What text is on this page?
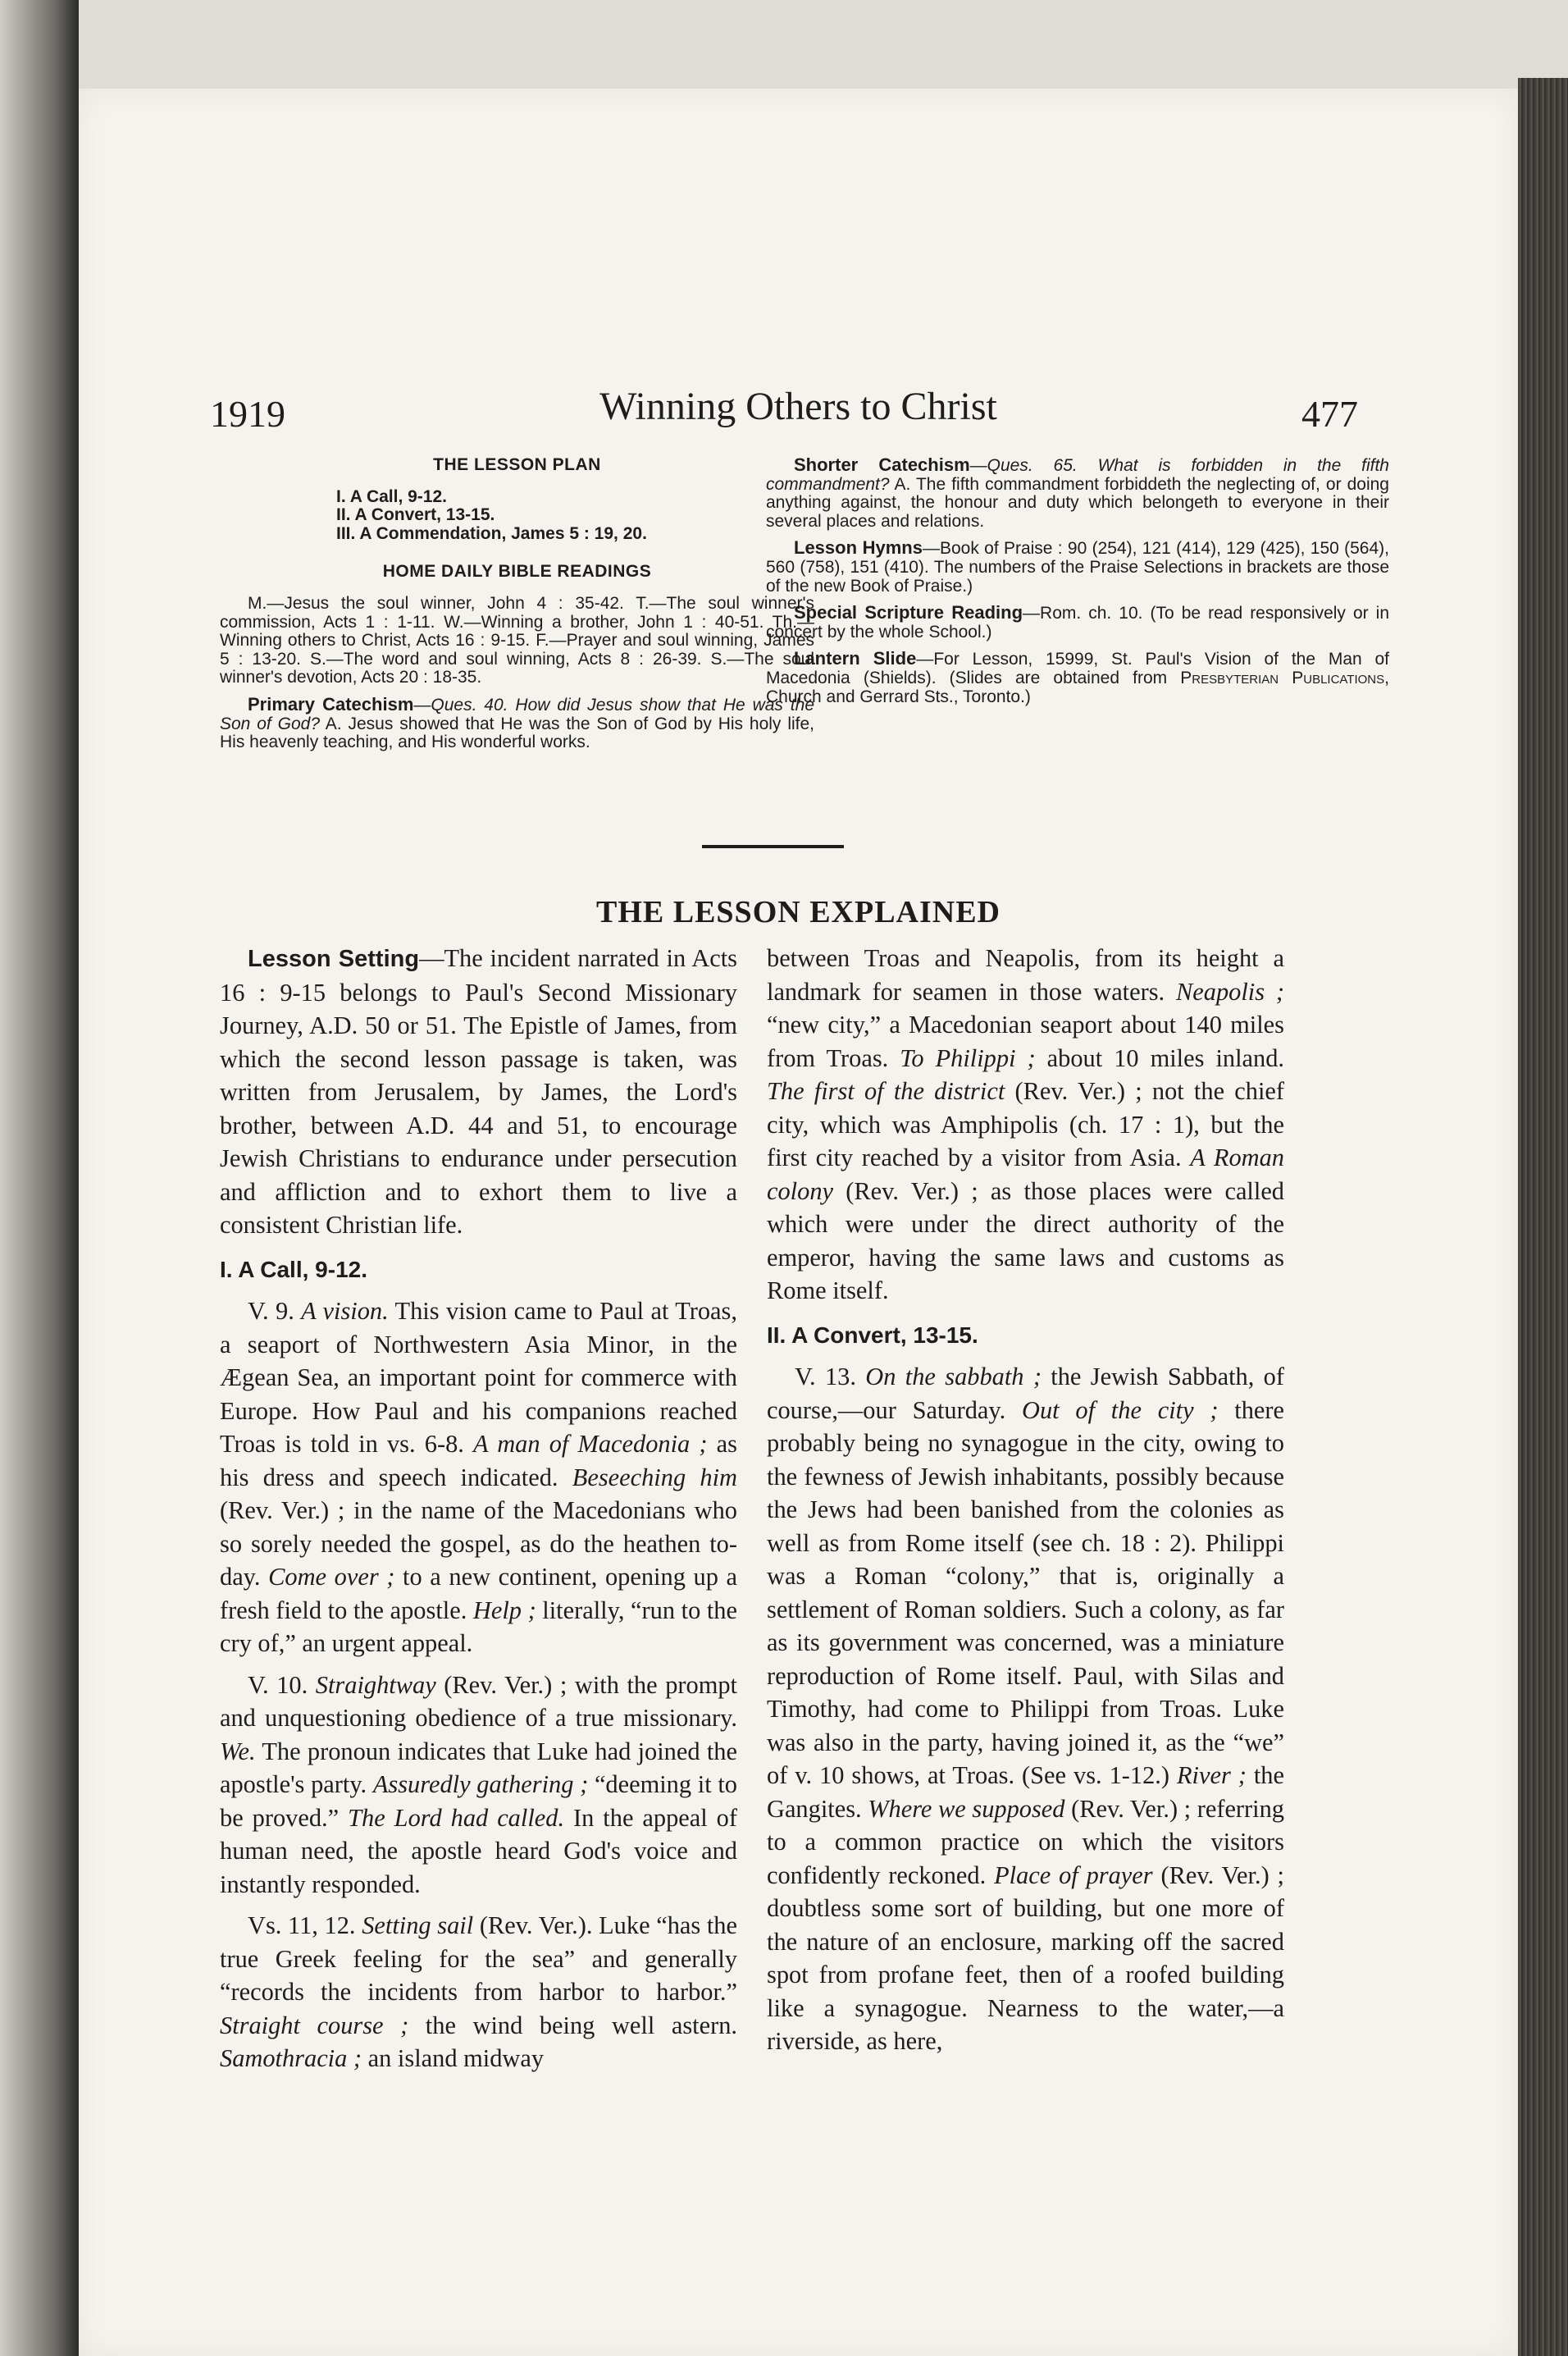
1919	Winning Others to Christ	477

THE LESSON PLAN

I. A Call, 9-12.
II. A Convert, 13-15.
III. A Commendation, James 5 : 19, 20.

HOME DAILY BIBLE READINGS

M.—Jesus the soul winner, John 4 : 35-42. T.—The soul winner's commission, Acts 1 : 1-11. W.—Winning a brother, John 1 : 40-51. Th.—Winning others to Christ, Acts 16 : 9-15. F.—Prayer and soul winning, James 5 : 13-20. S.—The word and soul winning, Acts 8 : 26-39. S.—The soul winner's devotion, Acts 20 : 18-35.

Primary Catechism—Ques. 40. How did Jesus show that He was the Son of God? A. Jesus showed that He was the Son of God by His holy life, His heavenly teaching, and His wonderful works.

Shorter Catechism—Ques. 65. What is forbidden in the fifth commandment? A. The fifth commandment forbiddeth the neglecting of, or doing anything against, the honour and duty which belongeth to everyone in their several places and relations.

Lesson Hymns—Book of Praise : 90 (254), 121 (414), 129 (425), 150 (564), 560 (758), 151 (410). The numbers of the Praise Selections in brackets are those of the new Book of Praise.)

Special Scripture Reading—Rom. ch. 10. (To be read responsively or in concert by the whole School.)

Lantern Slide—For Lesson, 15999, St. Paul's Vision of the Man of Macedonia (Shields). (Slides are obtained from Presbyterian Publications, Church and Gerrard Sts., Toronto.)

THE LESSON EXPLAINED

Lesson Setting—The incident narrated in Acts 16 : 9-15 belongs to Paul's Second Missionary Journey, A.D. 50 or 51. The Epistle of James, from which the second lesson passage is taken, was written from Jerusalem, by James, the Lord's brother, between A.D. 44 and 51, to encourage Jewish Christians to endurance under persecution and affliction and to exhort them to live a consistent Christian life.

I. A Call, 9-12.

V. 9. A vision. This vision came to Paul at Troas, a seaport of Northwestern Asia Minor, in the Ægean Sea, an important point for commerce with Europe. How Paul and his companions reached Troas is told in vs. 6-8. A man of Macedonia ; as his dress and speech indicated. Beseeching him (Rev. Ver.) ; in the name of the Macedonians who so sorely needed the gospel, as do the heathen to-day. Come over ; to a new continent, opening up a fresh field to the apostle. Help ; literally, “run to the cry of,” an urgent appeal.

V. 10. Straightway (Rev. Ver.) ; with the prompt and unquestioning obedience of a true missionary. We. The pronoun indicates that Luke had joined the apostle's party. Assuredly gathering ; “deeming it to be proved.” The Lord had called. In the appeal of human need, the apostle heard God's voice and instantly responded.

Vs. 11, 12. Setting sail (Rev. Ver.). Luke “has the true Greek feeling for the sea” and generally “records the incidents from harbor to harbor.” Straight course ; the wind being well astern. Samothracia ; an island midway

between Troas and Neapolis, from its height a landmark for seamen in those waters. Neapolis ; “new city,” a Macedonian seaport about 140 miles from Troas. To Philippi ; about 10 miles inland. The first of the district (Rev. Ver.) ; not the chief city, which was Amphipolis (ch. 17 : 1), but the first city reached by a visitor from Asia. A Roman colony (Rev. Ver.) ; as those places were called which were under the direct authority of the emperor, having the same laws and customs as Rome itself.

II. A Convert, 13-15.

V. 13. On the sabbath ; the Jewish Sabbath, of course,—our Saturday. Out of the city ; there probably being no synagogue in the city, owing to the fewness of Jewish inhabitants, possibly because the Jews had been banished from the colonies as well as from Rome itself (see ch. 18 : 2). Philippi was a Roman “colony,” that is, originally a settlement of Roman soldiers. Such a colony, as far as its government was concerned, was a miniature reproduction of Rome itself. Paul, with Silas and Timothy, had come to Philippi from Troas. Luke was also in the party, having joined it, as the “we” of v. 10 shows, at Troas. (See vs. 1-12.) River ; the Gangites. Where we supposed (Rev. Ver.) ; referring to a common practice on which the visitors confidently reckoned. Place of prayer (Rev. Ver.) ; doubtless some sort of building, but one more of the nature of an enclosure, marking off the sacred spot from profane feet, then of a roofed building like a synagogue. Nearness to the water,—a riverside, as here,
